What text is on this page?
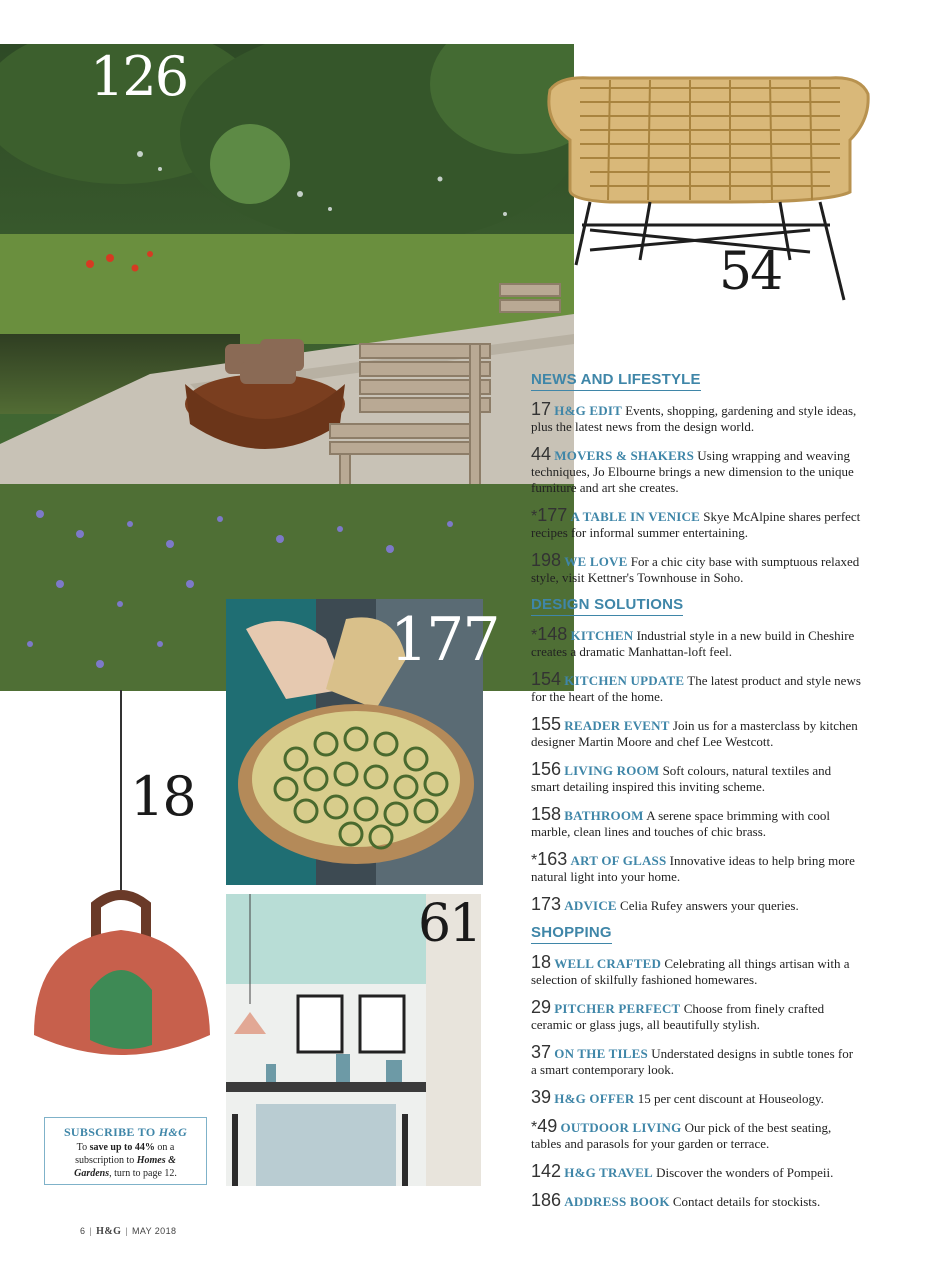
126
54
18
177
61
NEWS AND LIFESTYLE
17 H&G EDIT Events, shopping, gardening and style ideas, plus the latest news from the design world.
44 MOVERS & SHAKERS Using wrapping and weaving techniques, Jo Elbourne brings a new dimension to the unique furniture and art she creates.
*177 A TABLE IN VENICE Skye McAlpine shares perfect recipes for informal summer entertaining.
198 WE LOVE For a chic city base with sumptuous relaxed style, visit Kettner's Townhouse in Soho.
DESIGN SOLUTIONS
*148 KITCHEN Industrial style in a new build in Cheshire creates a dramatic Manhattan-loft feel.
154 KITCHEN UPDATE The latest product and style news for the heart of the home.
155 READER EVENT Join us for a masterclass by kitchen designer Martin Moore and chef Lee Westcott.
156 LIVING ROOM Soft colours, natural textiles and smart detailing inspired this inviting scheme.
158 BATHROOM A serene space brimming with cool marble, clean lines and touches of chic brass.
*163 ART OF GLASS Innovative ideas to help bring more natural light into your home.
173 ADVICE Celia Rufey answers your queries.
SHOPPING
18 WELL CRAFTED Celebrating all things artisan with a selection of skilfully fashioned homewares.
29 PITCHER PERFECT Choose from finely crafted ceramic or glass jugs, all beautifully stylish.
37 ON THE TILES Understated designs in subtle tones for a smart contemporary look.
39 H&G OFFER 15 per cent discount at Houseology.
*49 OUTDOOR LIVING Our pick of the best seating, tables and parasols for your garden or terrace.
142 H&G TRAVEL Discover the wonders of Pompeii.
186 ADDRESS BOOK Contact details for stockists.
SUBSCRIBE TO H&G
To save up to 44% on a
subscription to Homes &
Gardens, turn to page 12.
6 | H&G | MAY 2018
